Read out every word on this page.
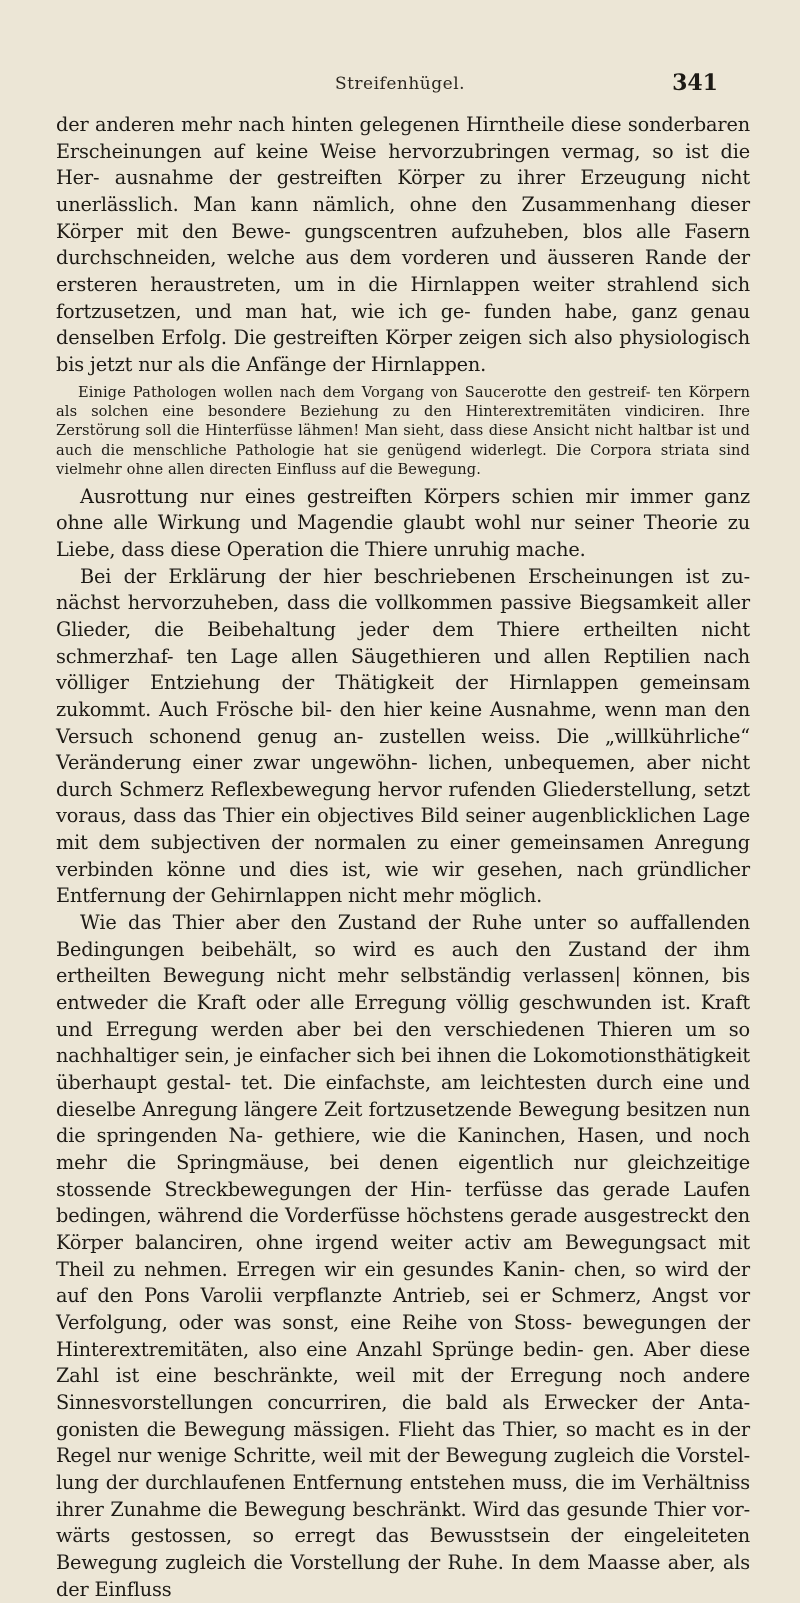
Streifenhügel.	341

der anderen mehr nach hinten gelegenen Hirntheile diese sonderbaren Erscheinungen auf keine Weise hervorzubringen vermag, so ist die Her- ausnahme der gestreiften Körper zu ihrer Erzeugung nicht unerlässlich. Man kann nämlich, ohne den Zusammenhang dieser Körper mit den Bewe- gungscentren aufzuheben, blos alle Fasern durchschneiden, welche aus dem vorderen und äusseren Rande der ersteren heraustreten, um in die Hirnlappen weiter strahlend sich fortzusetzen, und man hat, wie ich ge- funden habe, ganz genau denselben Erfolg. Die gestreiften Körper zeigen sich also physiologisch bis jetzt nur als die Anfänge der Hirnlappen.

Einige Pathologen wollen nach dem Vorgang von Saucerotte den gestreif- ten Körpern als solchen eine besondere Beziehung zu den Hinterextremitäten vindiciren. Ihre Zerstörung soll die Hinterfüsse lähmen! Man sieht, dass diese Ansicht nicht haltbar ist und auch die menschliche Pathologie hat sie genügend widerlegt. Die Corpora striata sind vielmehr ohne allen directen Einfluss auf die Bewegung.

Ausrottung nur eines gestreiften Körpers schien mir immer ganz ohne alle Wirkung und Magendie glaubt wohl nur seiner Theorie zu Liebe, dass diese Operation die Thiere unruhig mache.

Bei der Erklärung der hier beschriebenen Erscheinungen ist zu- nächst hervorzuheben, dass die vollkommen passive Biegsamkeit aller Glieder, die Beibehaltung jeder dem Thiere ertheilten nicht schmerzhaf- ten Lage allen Säugethieren und allen Reptilien nach völliger Entziehung der Thätigkeit der Hirnlappen gemeinsam zukommt. Auch Frösche bil- den hier keine Ausnahme, wenn man den Versuch schonend genug an- zustellen weiss. Die „willkührliche“ Veränderung einer zwar ungewöhn- lichen, unbequemen, aber nicht durch Schmerz Reflexbewegung hervor rufenden Gliederstellung, setzt voraus, dass das Thier ein objectives Bild seiner augenblicklichen Lage mit dem subjectiven der normalen zu einer gemeinsamen Anregung verbinden könne und dies ist, wie wir gesehen, nach gründlicher Entfernung der Gehirnlappen nicht mehr möglich.

Wie das Thier aber den Zustand der Ruhe unter so auffallenden Bedingungen beibehält, so wird es auch den Zustand der ihm ertheilten Bewegung nicht mehr selbständig verlassen| können, bis entweder die Kraft oder alle Erregung völlig geschwunden ist. Kraft und Erregung werden aber bei den verschiedenen Thieren um so nachhaltiger sein, je einfacher sich bei ihnen die Lokomotionsthätigkeit überhaupt gestal- tet. Die einfachste, am leichtesten durch eine und dieselbe Anregung längere Zeit fortzusetzende Bewegung besitzen nun die springenden Na- gethiere, wie die Kaninchen, Hasen, und noch mehr die Springmäuse, bei denen eigentlich nur gleichzeitige stossende Streckbewegungen der Hin- terfüsse das gerade Laufen bedingen, während die Vorderfüsse höchstens gerade ausgestreckt den Körper balanciren, ohne irgend weiter activ am Bewegungsact mit Theil zu nehmen. Erregen wir ein gesundes Kanin- chen, so wird der auf den Pons Varolii verpflanzte Antrieb, sei er Schmerz, Angst vor Verfolgung, oder was sonst, eine Reihe von Stoss- bewegungen der Hinterextremitäten, also eine Anzahl Sprünge bedin- gen. Aber diese Zahl ist eine beschränkte, weil mit der Erregung noch andere Sinnesvorstellungen concurriren, die bald als Erwecker der Anta- gonisten die Bewegung mässigen. Flieht das Thier, so macht es in der Regel nur wenige Schritte, weil mit der Bewegung zugleich die Vorstel- lung der durchlaufenen Entfernung entstehen muss, die im Verhältniss ihrer Zunahme die Bewegung beschränkt. Wird das gesunde Thier vor- wärts gestossen, so erregt das Bewusstsein der eingeleiteten Bewegung zugleich die Vorstellung der Ruhe. In dem Maasse aber, als der Einfluss
